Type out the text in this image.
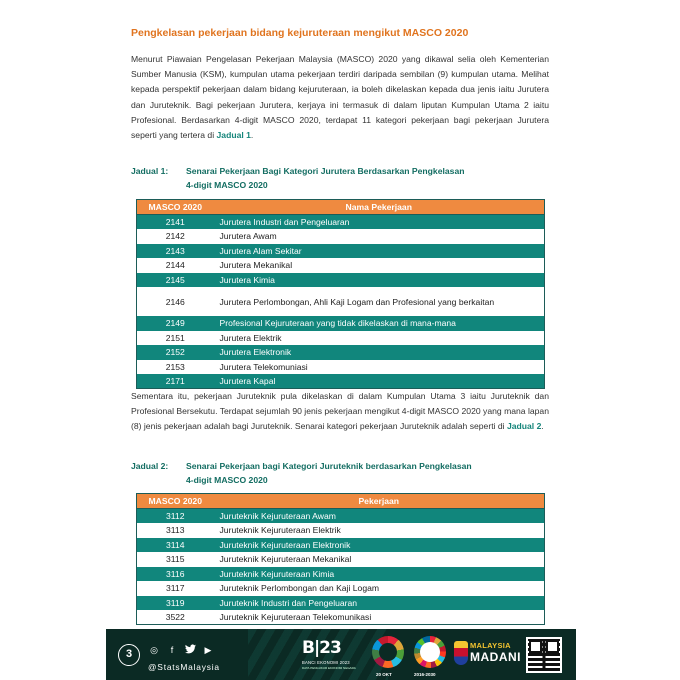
Pengkelasan pekerjaan bidang kejuruteraan mengikut MASCO 2020
Menurut Piawaian Pengelasan Pekerjaan Malaysia (MASCO) 2020 yang dikawal selia oleh Kementerian Sumber Manusia (KSM), kumpulan utama pekerjaan terdiri daripada sembilan (9) kumpulan utama. Melihat kepada perspektif pekerjaan dalam bidang kejuruteraan, ia boleh dikelaskan kepada dua jenis iaitu Jurutera dan Juruteknik. Bagi pekerjaan Jurutera, kerjaya ini termasuk di dalam liputan Kumpulan Utama 2 iaitu Profesional. Berdasarkan 4-digit MASCO 2020, terdapat 11 kategori pekerjaan bagi pekerjaan Jurutera seperti yang tertera di Jadual 1.
Jadual 1: Senarai Pekerjaan Bagi Kategori Jurutera Berdasarkan Pengkelasan
4-digit MASCO 2020
MASCO 2020	Nama Pekerjaan
2141	Jurutera Industri dan Pengeluaran
2142	Jurutera Awam
2143	Jurutera Alam Sekitar
2144	Jurutera Mekanikal
2145	Jurutera Kimia
2146	Jurutera Perlombongan, Ahli Kaji Logam dan Profesional yang berkaitan
2149	Profesional Kejuruteraan yang tidak dikelaskan di mana-mana
2151	Jurutera Elektrik
2152	Jurutera Elektronik
2153	Jurutera Telekomuniasi
2171	Jurutera Kapal
Sementara itu, pekerjaan Juruteknik pula dikelaskan di dalam Kumpulan Utama 3 iaitu Juruteknik dan Profesional Bersekutu. Terdapat sejumlah 90 jenis pekerjaan mengikut 4-digit MASCO 2020 yang mana lapan (8) jenis pekerjaan adalah bagi Juruteknik. Senarai kategori pekerjaan Juruteknik adalah seperti di Jadual 2.
Jadual 2: Senarai Pekerjaan bagi Kategori Juruteknik berdasarkan Pengkelasan
4-digit MASCO 2020
MASCO 2020	Pekerjaan
3112	Juruteknik Kejuruteraan Awam
3113	Juruteknik Kejuruteraan Elektrik
3114	Juruteknik Kejuruteraan Elektronik
3115	Juruteknik Kejuruteraan Mekanikal
3116	Juruteknik Kejuruteraan Kimia
3117	Juruteknik Perlombongan dan Kaji Logam
3119	Juruteknik Industri dan Pengeluaran
3522	Juruteknik Kejuruteraan Telekomunikasi
3	◎	f	▶
@StatsMalaysia
B|23
BANCI EKONOMI 2023
DATA PENGUKUR EKONOMI NEGARA
20 OKT	2016-2030
MALAYSIA
MADANI
